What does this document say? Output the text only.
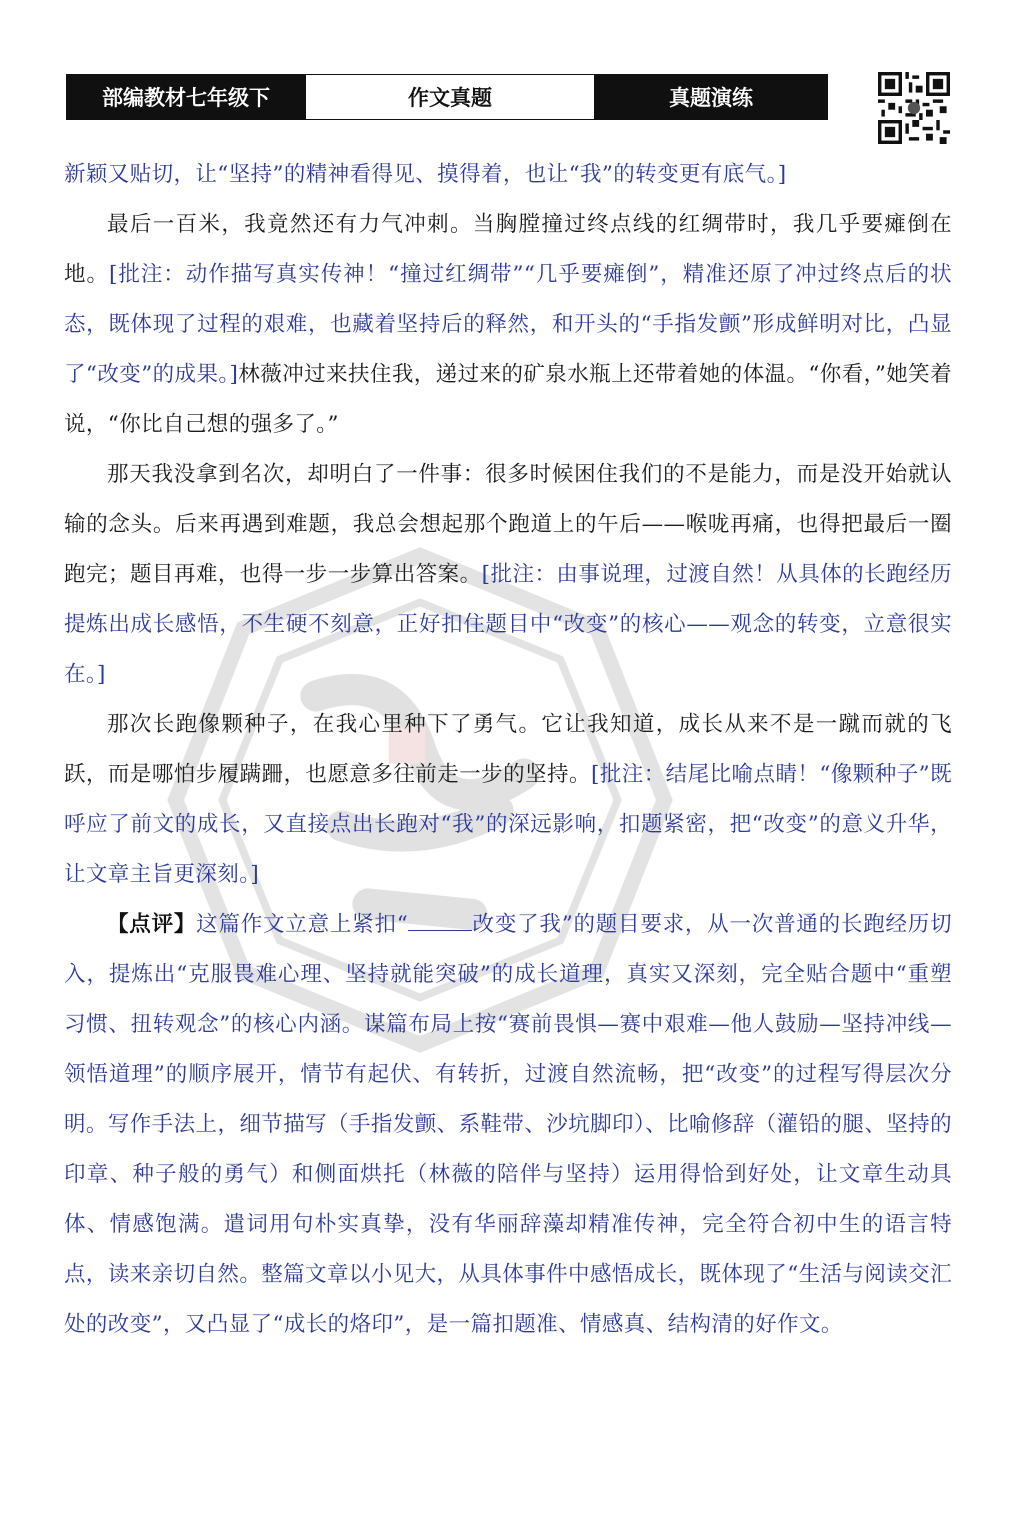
部编教材七年级下	作文真题	真题演练

新颖又贴切，让“坚持”的精神看得见、摸得着，也让“我”的转变更有底气。]

最后一百米，我竟然还有力气冲刺。当胸膛撞过终点线的红绸带时，我几乎要瘫倒在地。[批注：动作描写真实传神！“撞过红绸带”“几乎要瘫倒”，精准还原了冲过终点后的状态，既体现了过程的艰难，也藏着坚持后的释然，和开头的“手指发颤”形成鲜明对比，凸显了“改变”的成果。]林薇冲过来扶住我，递过来的矿泉水瓶上还带着她的体温。“你看，”她笑着说，“你比自己想的强多了。”

那天我没拿到名次，却明白了一件事：很多时候困住我们的不是能力，而是没开始就认输的念头。后来再遇到难题，我总会想起那个跑道上的午后——喉咙再痛，也得把最后一圈跑完；题目再难，也得一步一步算出答案。[批注：由事说理，过渡自然！从具体的长跑经历提炼出成长感悟，不生硬不刻意，正好扣住题目中“改变”的核心——观念的转变，立意很实在。]

那次长跑像颗种子，在我心里种下了勇气。它让我知道，成长从来不是一蹴而就的飞跃，而是哪怕步履蹒跚，也愿意多往前走一步的坚持。[批注：结尾比喻点睛！“像颗种子”既呼应了前文的成长，又直接点出长跑对“我”的深远影响，扣题紧密，把“改变”的意义升华，让文章主旨更深刻。]

【点评】这篇作文立意上紧扣“	改变了我”的题目要求，从一次普通的长跑经历切入，提炼出“克服畏难心理、坚持就能突破”的成长道理，真实又深刻，完全贴合题中“重塑习惯、扭转观念”的核心内涵。谋篇布局上按“赛前畏惧—赛中艰难—他人鼓励—坚持冲线—领悟道理”的顺序展开，情节有起伏、有转折，过渡自然流畅，把“改变”的过程写得层次分明。写作手法上，细节描写（手指发颤、系鞋带、沙坑脚印）、比喻修辞（灌铅的腿、坚持的印章、种子般的勇气）和侧面烘托（林薇的陪伴与坚持）运用得恰到好处，让文章生动具体、情感饱满。遣词用句朴实真挚，没有华丽辞藻却精准传神，完全符合初中生的语言特点，读来亲切自然。整篇文章以小见大，从具体事件中感悟成长，既体现了“生活与阅读交汇处的改变”，又凸显了“成长的烙印”，是一篇扣题准、情感真、结构清的好作文。
